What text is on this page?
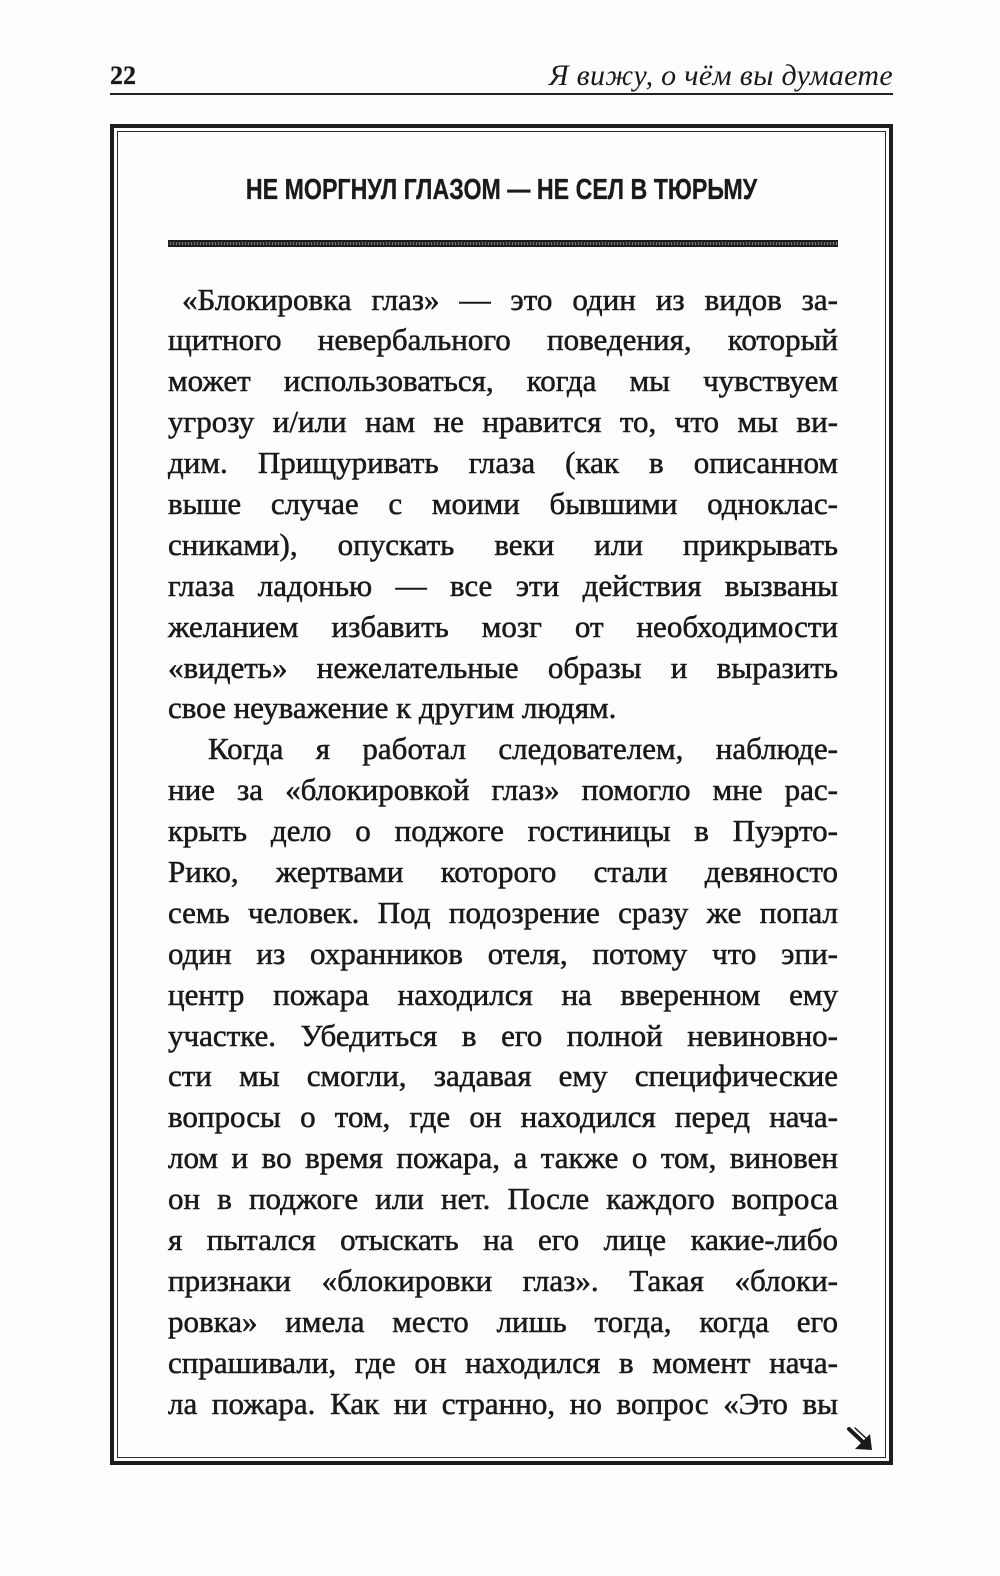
22	Я вижу, о чём вы думаете
НЕ МОРГНУЛ ГЛАЗОМ — НЕ СЕЛ В ТЮРЬМУ
«Блокировка глаз» — это один из видов за-
щитного невербального поведения, который
может использоваться, когда мы чувствуем
угрозу и/или нам не нравится то, что мы ви-
дим. Прищуривать глаза (как в описанном
выше случае с моими бывшими одноклас-
сниками), опускать веки или прикрывать
глаза ладонью — все эти действия вызваны
желанием избавить мозг от необходимости
«видеть» нежелательные образы и выразить
свое неуважение к другим людям.
Когда я работал следователем, наблюде-
ние за «блокировкой глаз» помогло мне рас-
крыть дело о поджоге гостиницы в Пуэрто-
Рико, жертвами которого стали девяносто
семь человек. Под подозрение сразу же попал
один из охранников отеля, потому что эпи-
центр пожара находился на вверенном ему
участке. Убедиться в его полной невиновно-
сти мы смогли, задавая ему специфические
вопросы о том, где он находился перед нача-
лом и во время пожара, а также о том, виновен
он в поджоге или нет. После каждого вопроса
я пытался отыскать на его лице какие-либо
признаки «блокировки глаз». Такая «блоки-
ровка» имела место лишь тогда, когда его
спрашивали, где он находился в момент нача-
ла пожара. Как ни странно, но вопрос «Это вы
